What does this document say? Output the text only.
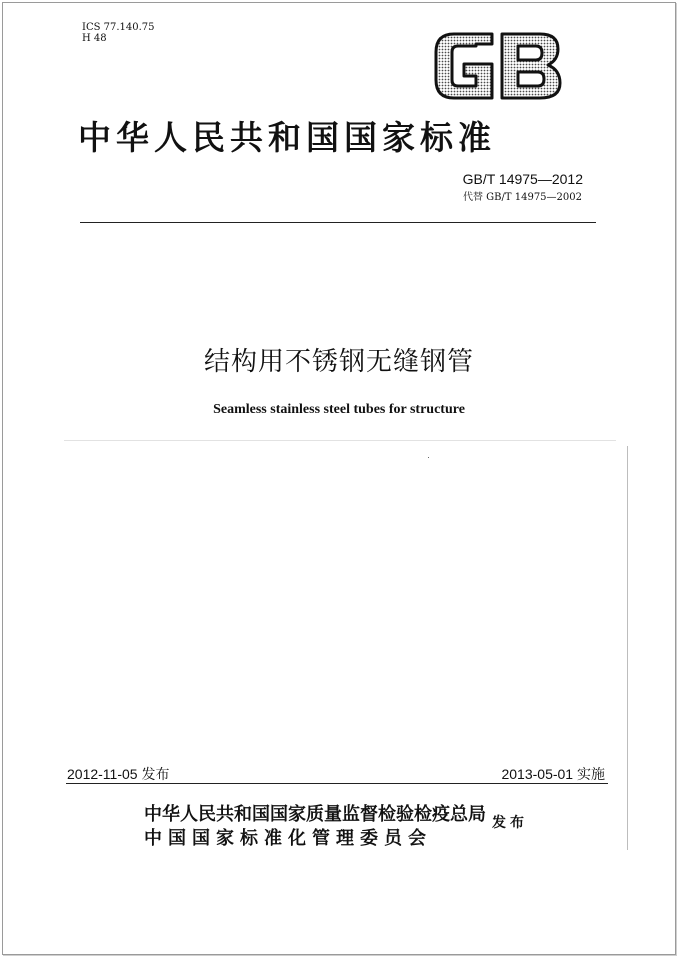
ICS 77.140.75
H 48
GB
中华人民共和国国家标准
GB/T 14975—2012
代替 GB/T 14975—2002
结构用不锈钢无缝钢管
Seamless stainless steel tubes for structure
2012-11-05 发布	2013-05-01 实施
中华人民共和国国家质量监督检验检疫总局
中国国家标准化管理委员会
发布
